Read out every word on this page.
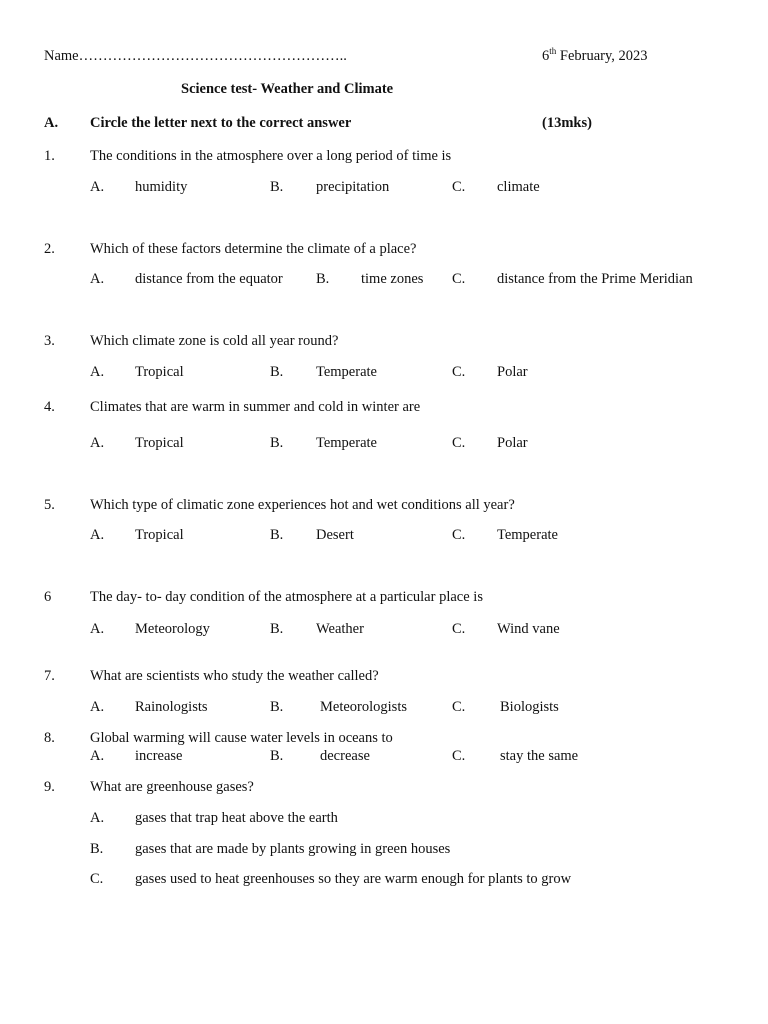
Name………………………………………………..	6th February, 2023
Science test- Weather and Climate
A. Circle the letter next to the correct answer	(13mks)
1. The conditions in the atmosphere over a long period of time is
A. humidity	B. precipitation	C. climate
2. Which of these factors determine the climate of a place?
A. distance from the equator B. time zones C. distance from the Prime Meridian
3. Which climate zone is cold all year round?
A. Tropical	B. Temperate	C. Polar
4. Climates that are warm in summer and cold in winter are
A. Tropical	B. Temperate	C. Polar
5. Which type of climatic zone experiences hot and wet conditions all year?
A. Tropical	B. Desert	C. Temperate
6	The day- to- day condition of the atmosphere at a particular place is
A. Meteorology	B. Weather	C. Wind vane
7. What are scientists who study the weather called?
A. Rainologists	B.	Meteorologists	C. Biologists
8. Global warming will cause water levels in oceans to
A. increase	B.	decrease	C. stay the same
9. What are greenhouse gases?
A. gases that trap heat above the earth
B. gases that are made by plants growing in green houses
C. gases used to heat greenhouses so they are warm enough for plants to grow
